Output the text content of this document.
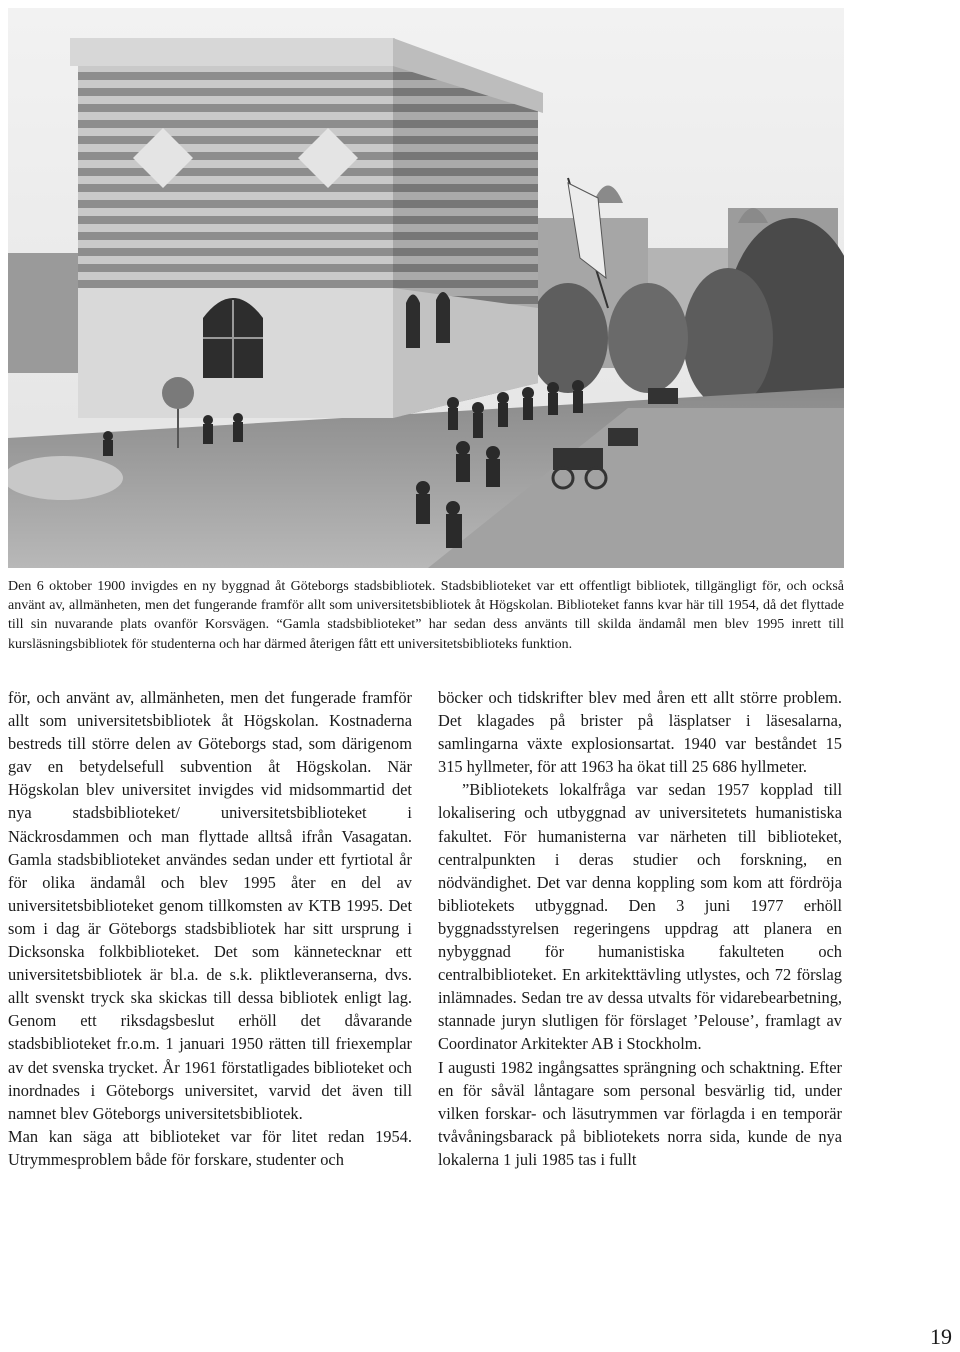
Den 6 oktober 1900 invigdes en ny byggnad åt Göteborgs stadsbibliotek. Stadsbiblioteket var ett offentligt bibliotek, tillgängligt för, och också använt av, allmänheten, men det fungerande framför allt som universitetsbibliotek åt Högskolan. Biblioteket fanns kvar här till 1954, då det flyttade till sin nuvarande plats ovanför Korsvägen. “Gamla stadsbiblioteket” har sedan dess använts till skilda ändamål men blev 1995 inrett till kursläsningsbibliotek för studenterna och har därmed återigen fått ett universitetsbiblioteks funktion.

för, och använt av, allmänheten, men det fungerade framför allt som universitetsbibliotek åt Högskolan. Kostnaderna bestreds till större delen av Göteborgs stad, som därigenom gav en betydelsefull subvention åt Högskolan. När Högskolan blev universitet invigdes vid midsommartid det nya stadsbiblioteket/ universitetsbiblioteket i Näckrosdammen och man flyttade alltså ifrån Vasagatan. Gamla stadsbiblioteket användes sedan under ett fyrtiotal år för olika ändamål och blev 1995 åter en del av universitetsbiblioteket genom tillkomsten av KTB 1995. Det som i dag är Göteborgs stadsbibliotek har sitt ursprung i Dicksonska folkbiblioteket. Det som kännetecknar ett universitetsbibliotek är bl.a. de s.k. pliktleveranserna, dvs. allt svenskt tryck ska skickas till dessa bibliotek enligt lag. Genom ett riksdagsbeslut erhöll det dåvarande stadsbiblioteket fr.o.m. 1 januari 1950 rätten till friexemplar av det svenska trycket. År 1961 förstatligades biblioteket och inordnades i Göteborgs universitet, varvid det även till namnet blev Göteborgs universitetsbibliotek.

Man kan säga att biblioteket var för litet redan 1954. Utrymmesproblem både för forskare, studenter och

böcker och tidskrifter blev med åren ett allt större problem. Det klagades på brister på läsplatser i läsesalarna, samlingarna växte explosionsartat. 1940 var beståndet 15 315 hyllmeter, för att 1963 ha ökat till 25 686 hyllmeter.

”Bibliotekets lokalfråga var sedan 1957 kopplad till lokalisering och utbyggnad av universitetets humanistiska fakultet. För humanisterna var närheten till biblioteket, centralpunkten i deras studier och forskning, en nödvändighet. Det var denna koppling som kom att fördröja bibliotekets utbyggnad. Den 3 juni 1977 erhöll byggnadsstyrelsen regeringens uppdrag att planera en nybyggnad för humanistiska fakulteten och centralbiblioteket. En arkitekttävling utlystes, och 72 förslag inlämnades. Sedan tre av dessa utvalts för vidarebearbetning, stannade juryn slutligen för förslaget ’Pelouse’, framlagt av Coordinator Arkitekter AB i Stockholm.

I augusti 1982 ingångsattes sprängning och schaktning. Efter en för såväl låntagare som personal besvärlig tid, under vilken forskar- och läsutrymmen var förlagda i en temporär tvåvåningsbarack på bibliotekets norra sida, kunde de nya lokalerna 1 juli 1985 tas i fullt

19
